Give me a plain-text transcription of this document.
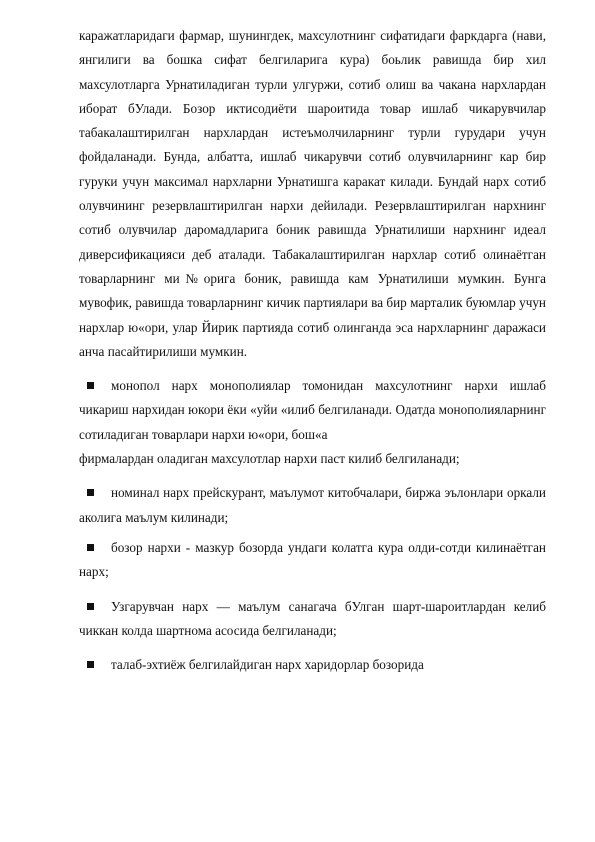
каражатларидаги фармар, шунингдек, махсулотнинг сифатидаги фаркдарга (нави, янгилиги ва бошка сифат белгиларига кура) боьлик равишда бир хил махсулотларга Урнатиладиган турли улгуржи, сотиб олиш ва чакана нархлардан иборат бУлади. Бозор иктисодиёти шароитида товар ишлаб чикарувчилар табакалаштирилган нархлардан истеъмолчиларнинг турли гурудари учун фойдаланади. Бунда, албатта, ишлаб чикарувчи сотиб олувчиларнинг кар бир гуруки учун максимал нархларни Урнатишга каракат килади. Бундай нарх сотиб олувчининг резервлаштирилган нархи дейилади. Резервлаштирилган нархнинг сотиб олувчилар даромадларига боник равишда Урнатилиши нархнинг идеал диверсификацияси деб аталади. Табакалаштирилган нархлар сотиб олинаётган товарларнинг ми№орига боник, равишда кам Урнатилиши мумкин. Бунга мувофик, равишда товарларнинг кичик партиялари ва бир марталик буюмлар учун нархлар ю«ори, улар Йирик партияда сотиб олинганда эса нархларнинг даражаси анча пасайтирилиши мумкин.

монопол нарх монополиялар томонидан махсулотнинг нархи ишлаб чикариш нархидан юкори ёки «уйи «илиб белгиланади. Одатда монополияларнинг сотиладиган товарлари нархи ю«ори, бош«а

фирмалардан оладиган махсулотлар нархи паст килиб белгиланади;

номинал нарх прейскурант, маълумот китобчалари, биржа эълонлари оркали аколига маълум килинади;

бозор нархи - мазкур бозорда ундаги колатга кура олди-сотди килинаётган нарх;

Узгарувчан нарх — маълум санагача бУлган шарт-шароитлардан келиб чиккан колда шартнома асосида белгиланади;

талаб-эхтиёж белгилайдиган нарх харидорлар бозорида
